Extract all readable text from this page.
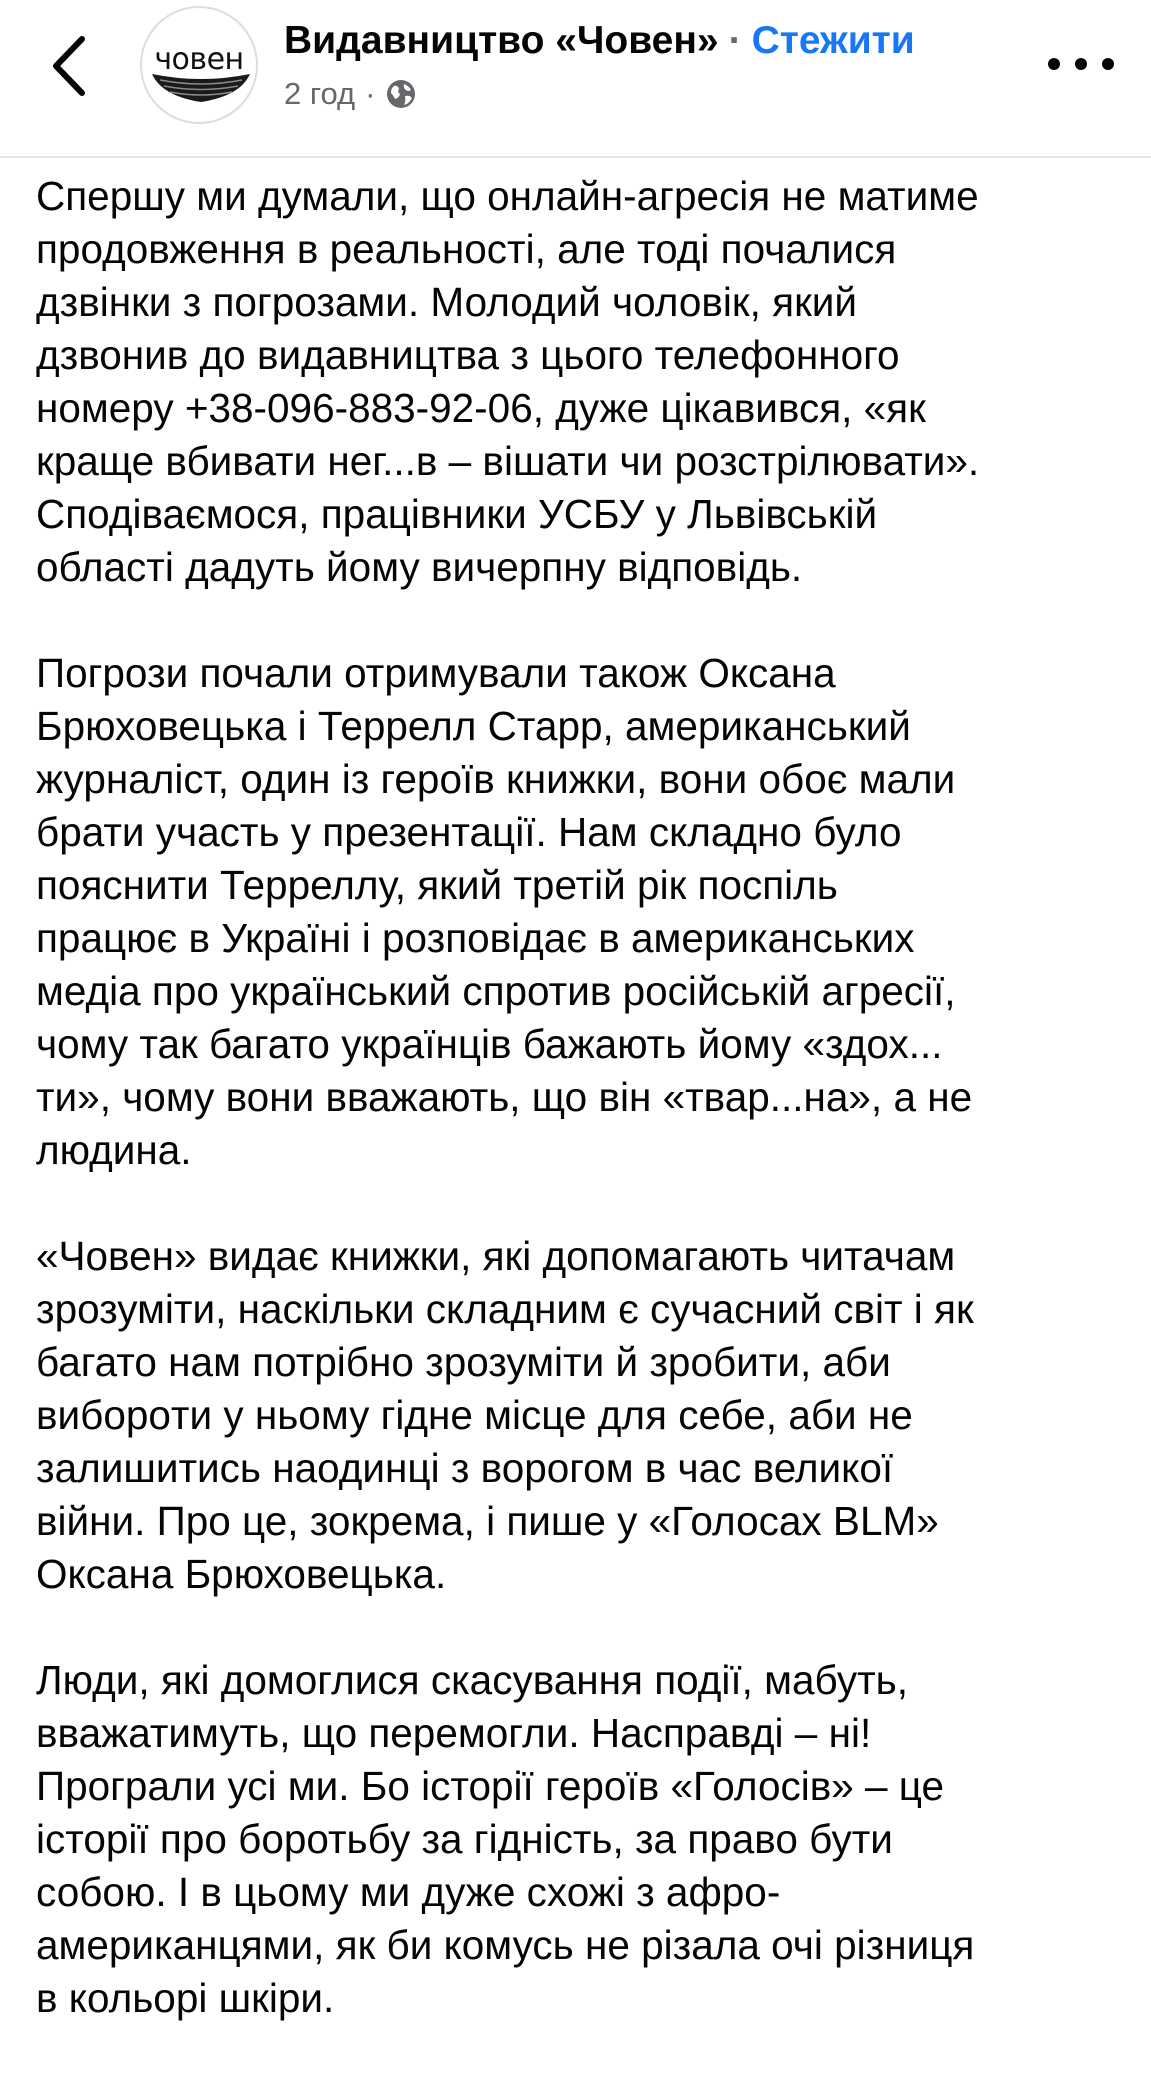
човен	Видавництво «Човен» · Стежити
2 год ·

Спершу ми думали, що онлайн-агресія не матиме
продовження в реальності, але тоді почалися
дзвінки з погрозами. Молодий чоловік, який
дзвонив до видавництва з цього телефонного
номеру +38-096-883-92-06, дуже цікавився, «як
краще вбивати нег...в – вішати чи розстрілювати».
Сподіваємося, працівники УСБУ у Львівській
області дадуть йому вичерпну відповідь.

Погрози почали отримували також Оксана
Брюховецька і Террелл Старр, американський
журналіст, один із героїв книжки, вони обоє мали
брати участь у презентації. Нам складно було
пояснити Терреллу, який третій рік поспіль
працює в Україні і розповідає в американських
медіа про український спротив російській агресії,
чому так багато українців бажають йому «здох...
ти», чому вони вважають, що він «твар...на», а не
людина.

«Човен» видає книжки, які допомагають читачам
зрозуміти, наскільки складним є сучасний світ і як
багато нам потрібно зрозуміти й зробити, аби
виборoти у ньому гідне місце для себе, аби не
залишитись наодинці з ворогом в час великої
війни. Про це, зокрема, і пише у «Голосах BLM»
Оксана Брюховецька.

Люди, які домоглися скасування події, мабуть,
вважатимуть, що перемогли. Насправді – ні!
Програли усі ми. Бо історії героїв «Голосів» – це
історії про боротьбу за гідність, за право бути
собою. І в цьому ми дуже схожі з афро-
американцями, як би комусь не різала очі різниця
в кольорі шкіри.
